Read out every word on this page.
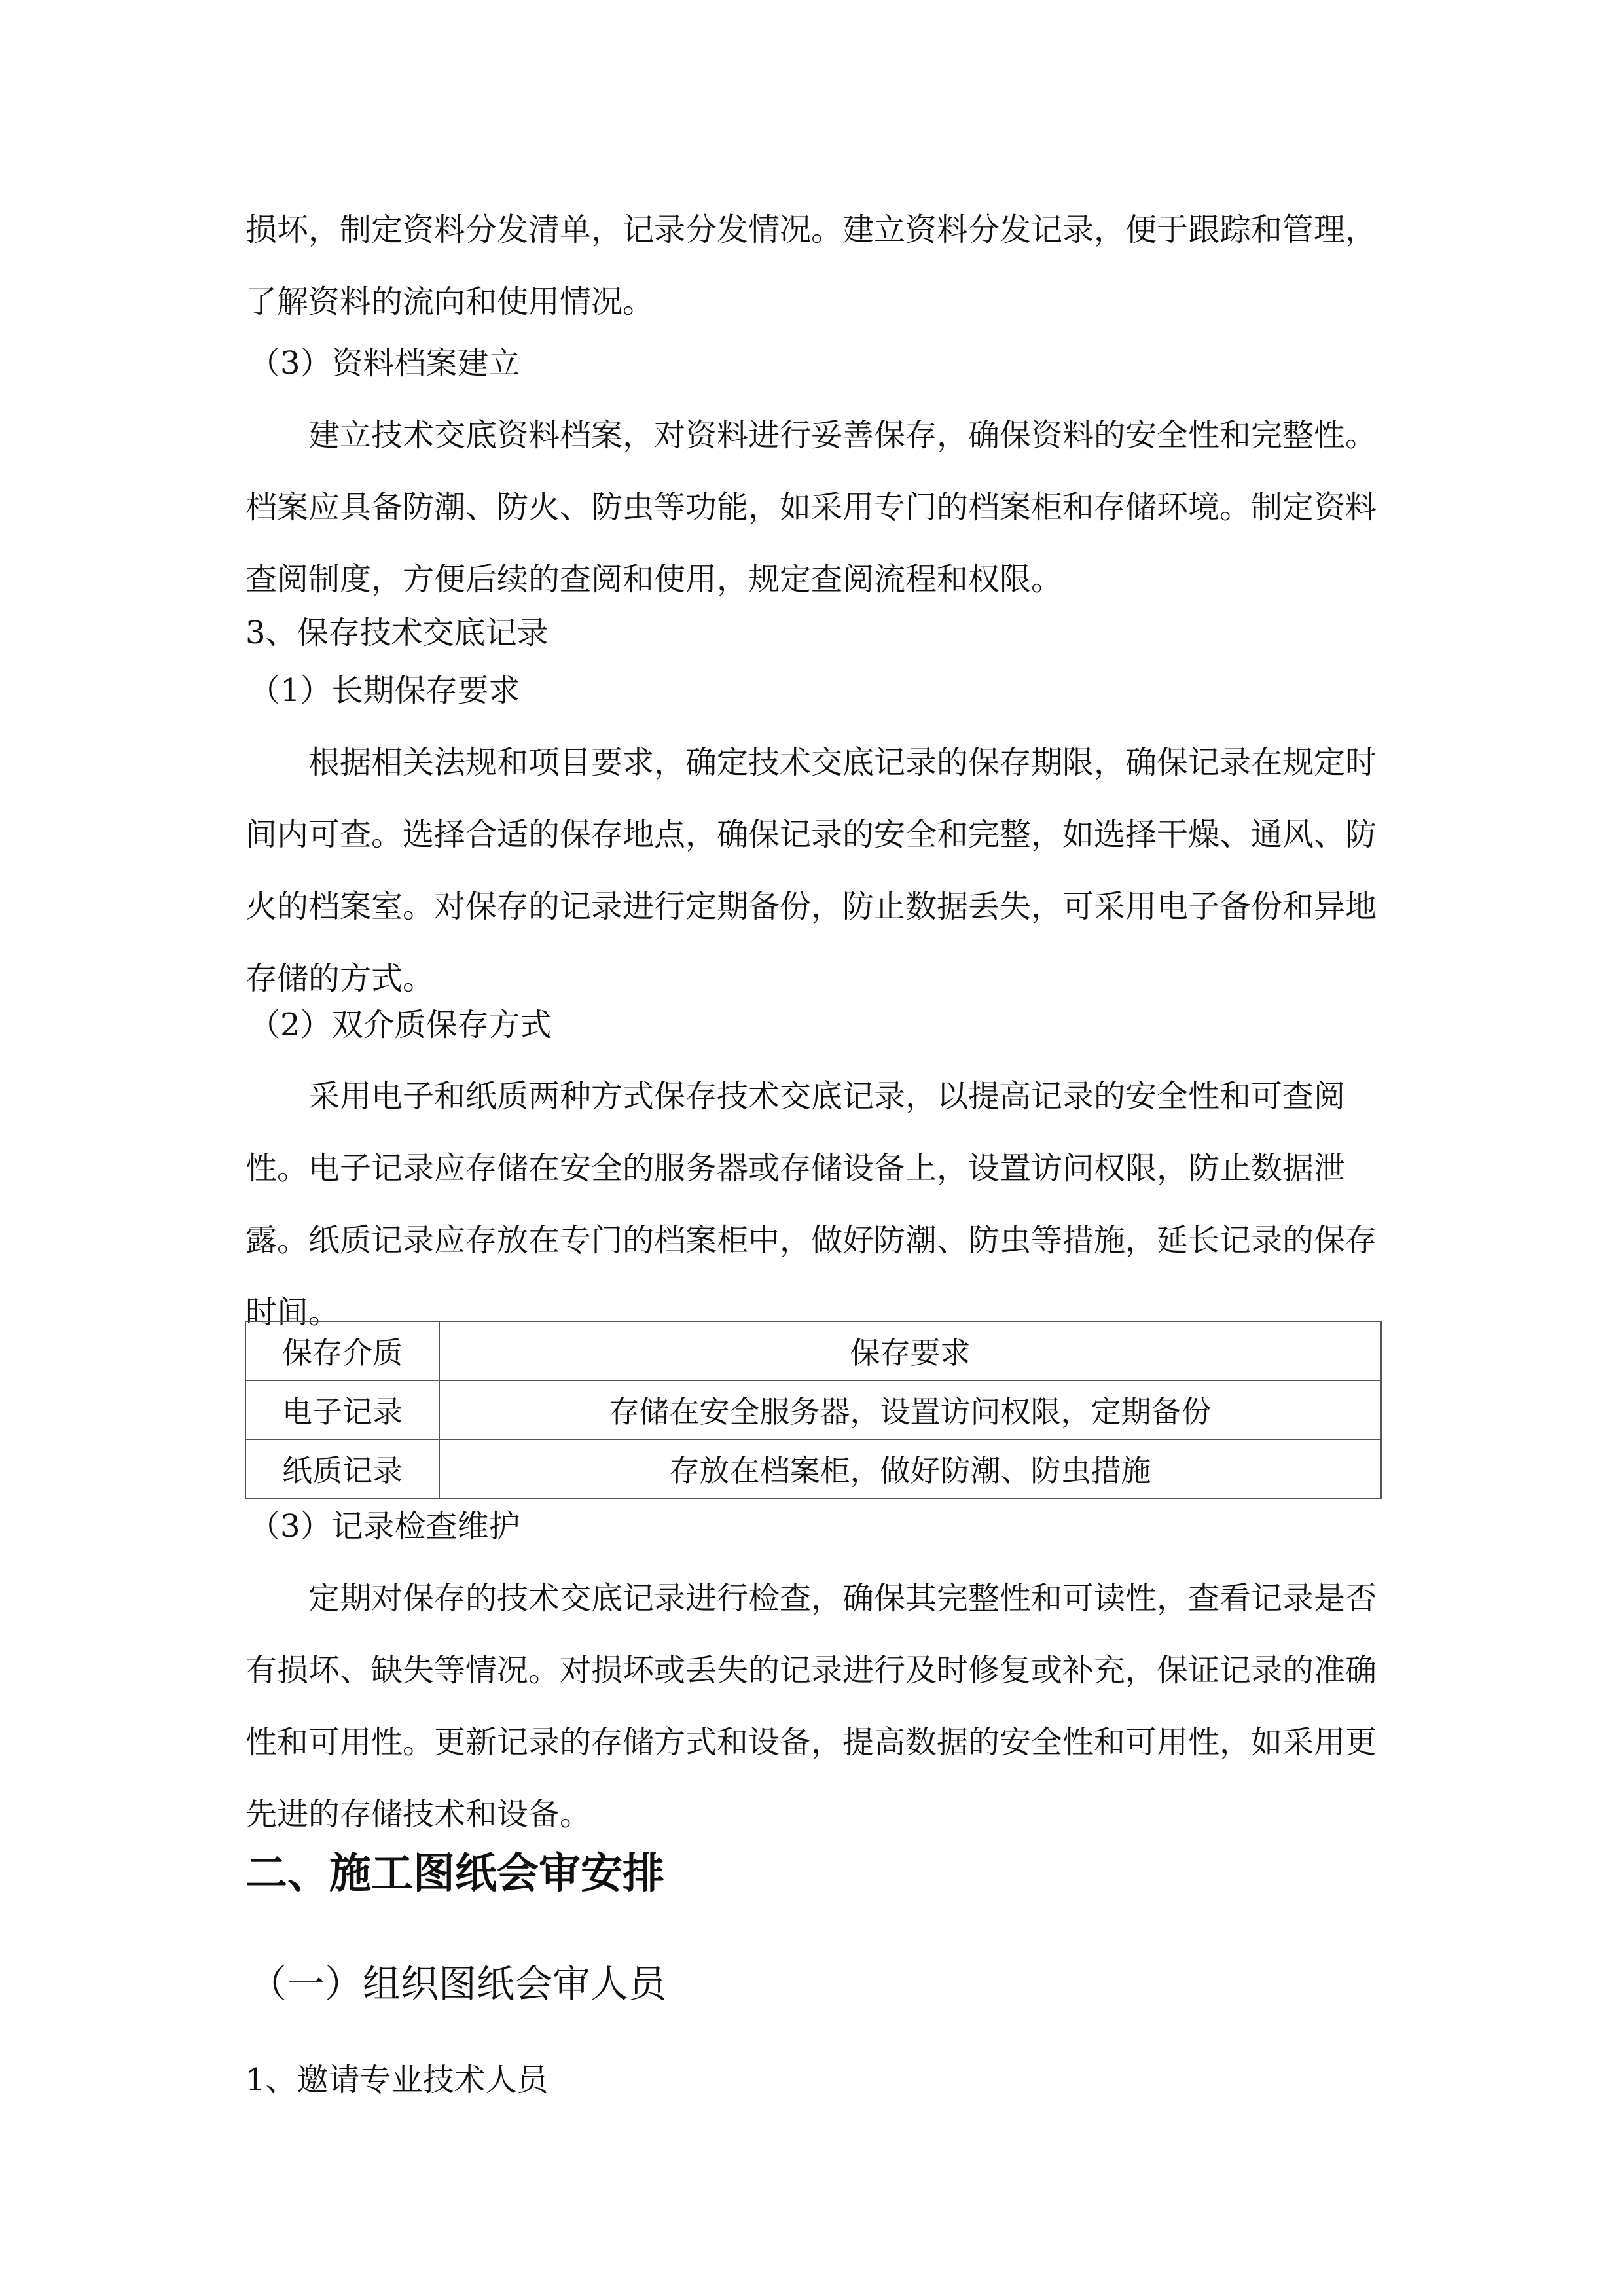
损坏，制定资料分发清单，记录分发情况。建立资料分发记录，便于跟踪和管理，了解资料的流向和使用情况。

（3）资料档案建立

建立技术交底资料档案，对资料进行妥善保存，确保资料的安全性和完整性。档案应具备防潮、防火、防虫等功能，如采用专门的档案柜和存储环境。制定资料查阅制度，方便后续的查阅和使用，规定查阅流程和权限。

3、保存技术交底记录

（1）长期保存要求

根据相关法规和项目要求，确定技术交底记录的保存期限，确保记录在规定时间内可查。选择合适的保存地点，确保记录的安全和完整，如选择干燥、通风、防火的档案室。对保存的记录进行定期备份，防止数据丢失，可采用电子备份和异地存储的方式。

（2）双介质保存方式

采用电子和纸质两种方式保存技术交底记录，以提高记录的安全性和可查阅性。电子记录应存储在安全的服务器或存储设备上，设置访问权限，防止数据泄露。纸质记录应存放在专门的档案柜中，做好防潮、防虫等措施，延长记录的保存时间。

保存介质	保存要求
电子记录	存储在安全服务器，设置访问权限，定期备份
纸质记录	存放在档案柜，做好防潮、防虫措施

（3）记录检查维护

定期对保存的技术交底记录进行检查，确保其完整性和可读性，查看记录是否有损坏、缺失等情况。对损坏或丢失的记录进行及时修复或补充，保证记录的准确性和可用性。更新记录的存储方式和设备，提高数据的安全性和可用性，如采用更先进的存储技术和设备。

二、施工图纸会审安排

（一）组织图纸会审人员

1、邀请专业技术人员
